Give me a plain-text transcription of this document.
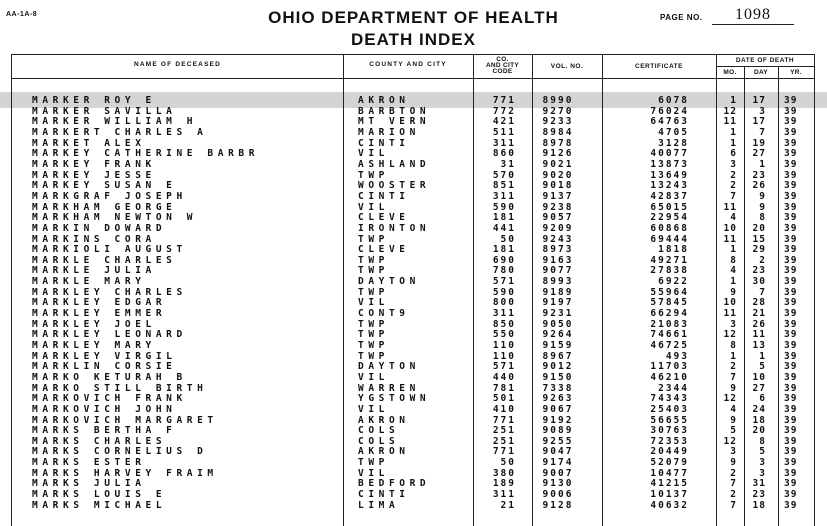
AA-1A-8	OHIO DEPARTMENT OF HEALTH
DEATH INDEX
PAGE NO.	1098
NAME OF DECEASED	COUNTY AND CITY
CO.
AND CITY
CODE
VOL. NO.	CERTIFICATE
DATE OF DEATH
MO.	DAY	YR.
MARKER ROY E	AKRON	771	8990	6078	1	17 39
MARKER SAVILLA	BARBTON	772	9270	76024	12	3 39
MARKER WILLIAM H	MT VERN	421	9233	64763	11	17 39
MARKERT CHARLES A	MARION	511	8984	4705	1	7 39
MARKET ALEX	CINTI	311	8978	3128	1	19 39
MARKEY CATHERINE BARBR	VIL	860	9126	40077	6	27 39
MARKEY FRANK	ASHLAND	31	9021	13873	3	1 39
MARKEY JESSE	TWP	570	9020	13649	2	23 39
MARKEY SUSAN E	WOOSTER	851	9018	13243	2	26 39
MARKGRAF JOSEPH	CINTI	311	9137	42837	7	9 39
MARKHAM GEORGE	VIL	590	9238	65015	11	9 39
MARKHAM NEWTON W	CLEVE	181	9057	22954	4	8 39
MARKIN DOWARD	IRONTON	441	9209	60868	10	20 39
MARKINS CORA	TWP	50	9243	69444	11	15 39
MARKIOLI AUGUST	CLEVE	181	8973	1818	1	29 39
MARKLE CHARLES	TWP	690	9163	49271	8	2 39
MARKLE JULIA	TWP	780	9077	27838	4	23 39
MARKLE MARY	DAYTON	571	8993	6922	1	30 39
MARKLEY CHARLES	TWP	590	9189	55964	9	7 39
MARKLEY EDGAR	VIL	800	9197	57845	10	28 39
MARKLEY EMMER	CONT9	311	9231	66294	11	21 39
MARKLEY JOEL	TWP	850	9050	21083	3	26 39
MARKLEY LEONARD	TWP	550	9264	74661	12	11 39
MARKLEY MARY	TWP	110	9159	46725	8	13 39
MARKLEY VIRGIL	TWP	110	8967	493	1	1 39
MARKLIN CORSIE	DAYTON	571	9012	11703	2	5 39
MARKO KETURAH B	VIL	440	9150	46210	7	10 39
MARKO STILL BIRTH	WARREN	781	7338	2344	9	27 39
MARKOVICH FRANK	YGSTOWN	501	9263	74343	12	6 39
MARKOVICH JOHN	VIL	410	9067	25403	4	24 39
MARKOVICH MARGARET	AKRON	771	9192	56655	9	18 39
MARKS BERTHA F	COLS	251	9089	30763	5	20 39
MARKS CHARLES	COLS	251	9255	72353	12	8 39
MARKS CORNELIUS D	AKRON	771	9047	20449	3	5 39
MARKS ESTER	TWP	50	9174	52079	9	3 39
MARKS HARVEY FRAIM	VIL	380	9007	10477	2	3 39
MARKS JULIA	BEDFORD	189	9130	41215	7	31 39
MARKS LOUIS E	CINTI	311	9006	10137	2	23 39
MARKS MICHAEL	LIMA	21	9128	40632	7	18 39
